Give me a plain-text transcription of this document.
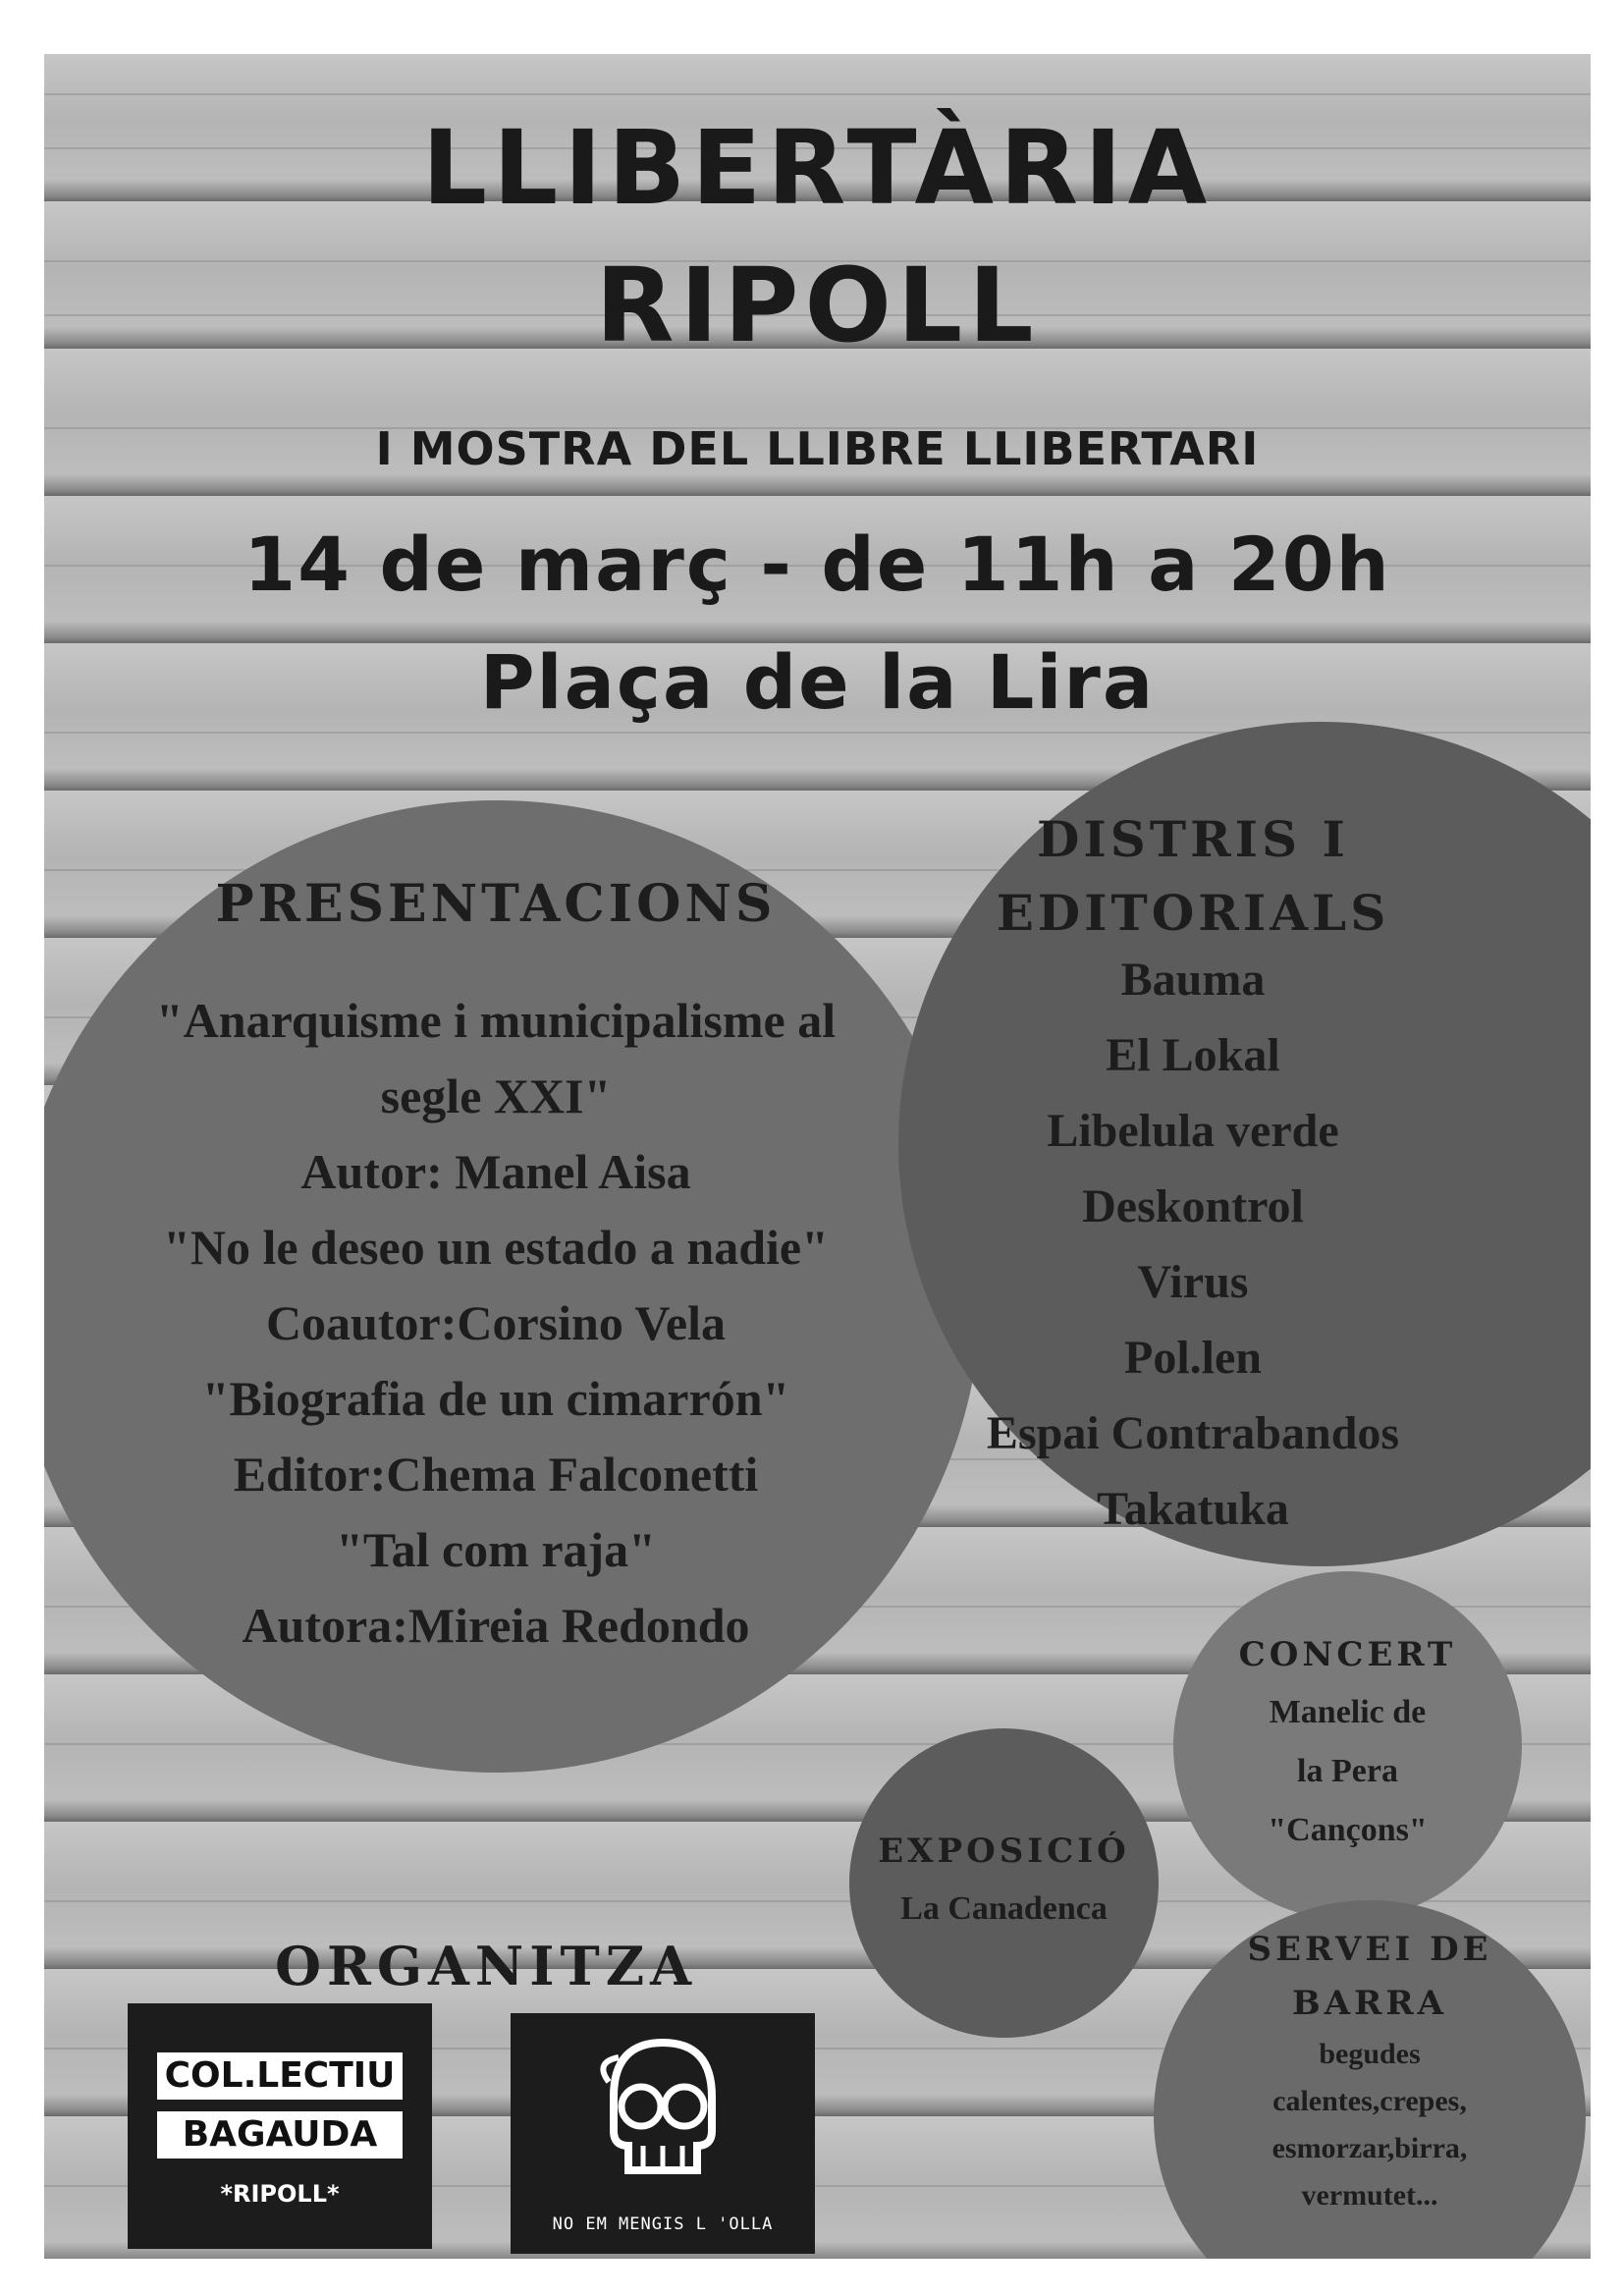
LLIBERTÀRIA
RIPOLL
I MOSTRA DEL LLIBRE LLIBERTARI
14 de març - de 11h a 20h
Plaça de la Lira
PRESENTACIONS
"Anarquisme i municipalisme al
segle XXI"
Autor: Manel Aisa
"No le deseo un estado a nadie"
Coautor:Corsino Vela
"Biografia de un cimarrón"
Editor:Chema Falconetti
"Tal com raja"
Autora:Mireia Redondo
DISTRIS I
EDITORIALS
Bauma
El Lokal
Libelula verde
Deskontrol
Virus
Pol.len
Espai Contrabandos
Takatuka
CONCERT
Manelic de
la Pera
"Cançons"
EXPOSICIÓ
La Canadenca
SERVEI DE
BARRA
begudes
calentes,crepes,
esmorzar,birra,
vermutet...
ORGANITZA
COL.LECTIU
BAGAUDA
*RIPOLL*
NO EM MENGIS L 'OLLA
